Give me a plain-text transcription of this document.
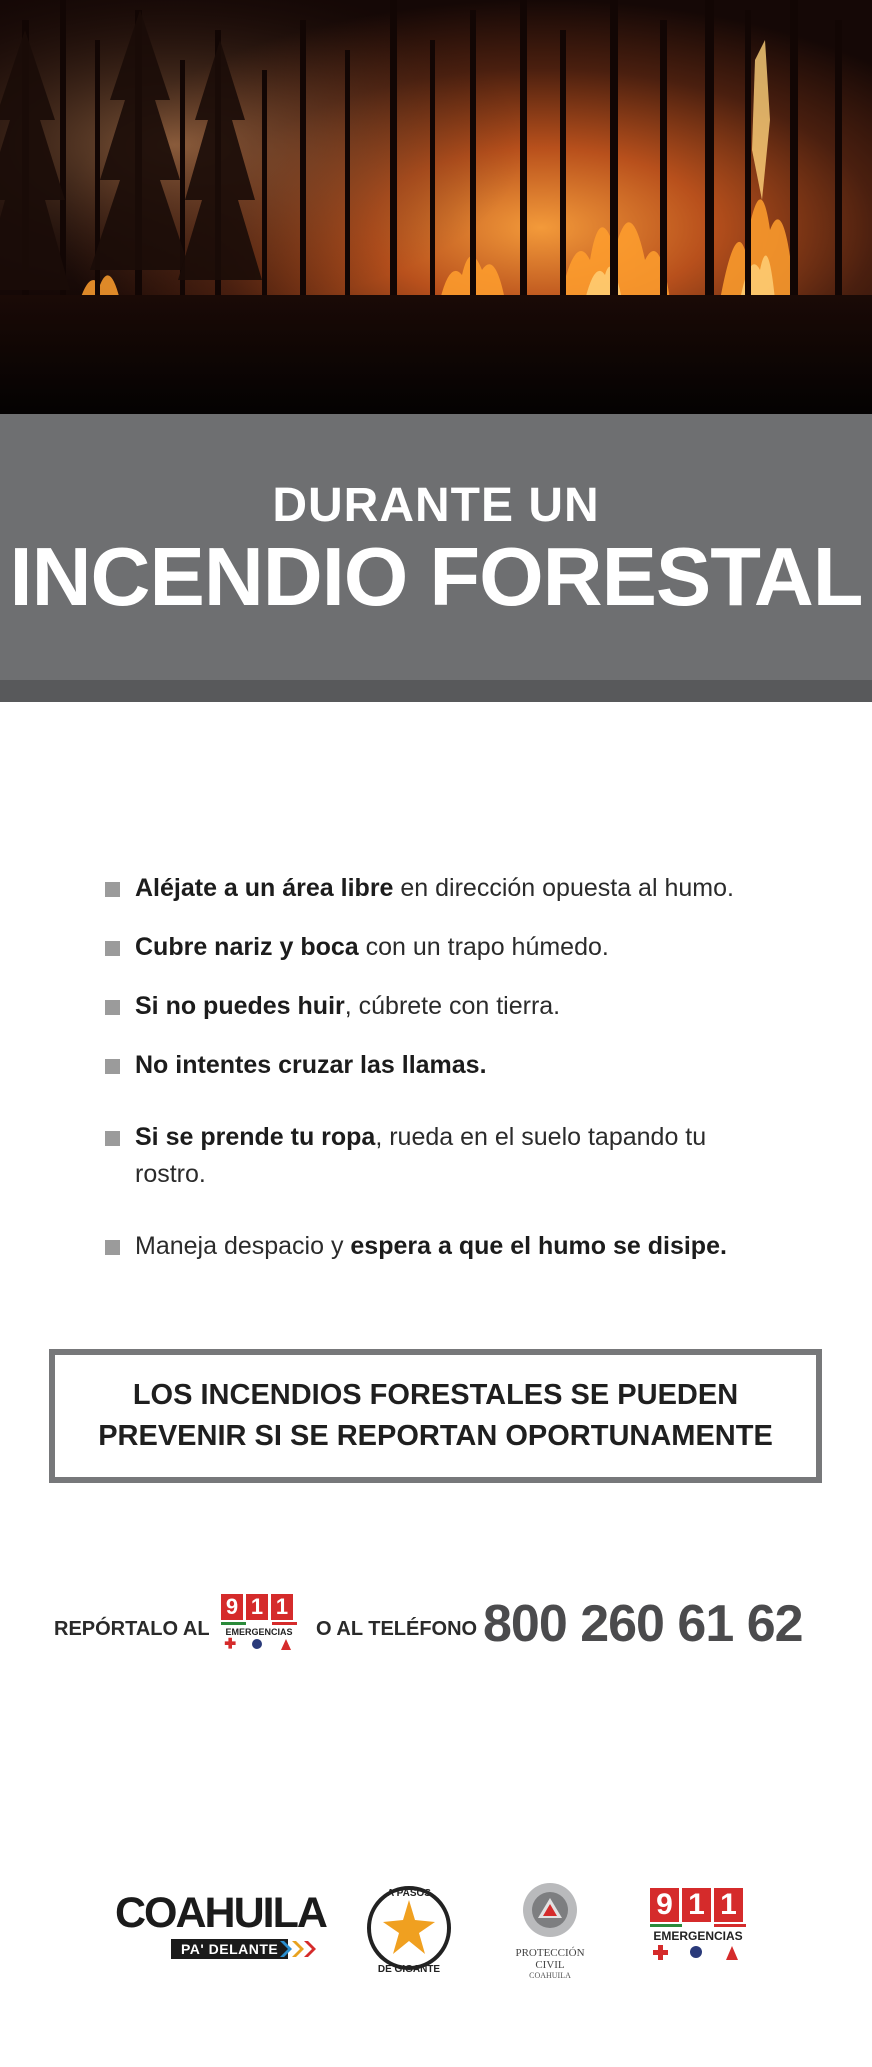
DURANTE UN
INCENDIO FORESTAL
Aléjate a un área libre en dirección opuesta al humo.
Cubre nariz y boca con un trapo húmedo.
Si no puedes huir, cúbrete con tierra.
No intentes cruzar las llamas.
Si se prende tu ropa, rueda en el suelo tapando tu rostro.
Maneja despacio y espera a que el humo se disipe.
LOS INCENDIOS FORESTALES SE PUEDEN
PREVENIR SI SE REPORTAN OPORTUNAMENTE
REPÓRTALO AL
9 1 1
EMERGENCIAS O AL TELÉFONO 800 260 61 62
COAHUILA
PA' DELANTE
A PASOS
DE GIGANTE
PROTECCIÓN CIVIL
COAHUILA
9 1 1
EMERGENCIAS
